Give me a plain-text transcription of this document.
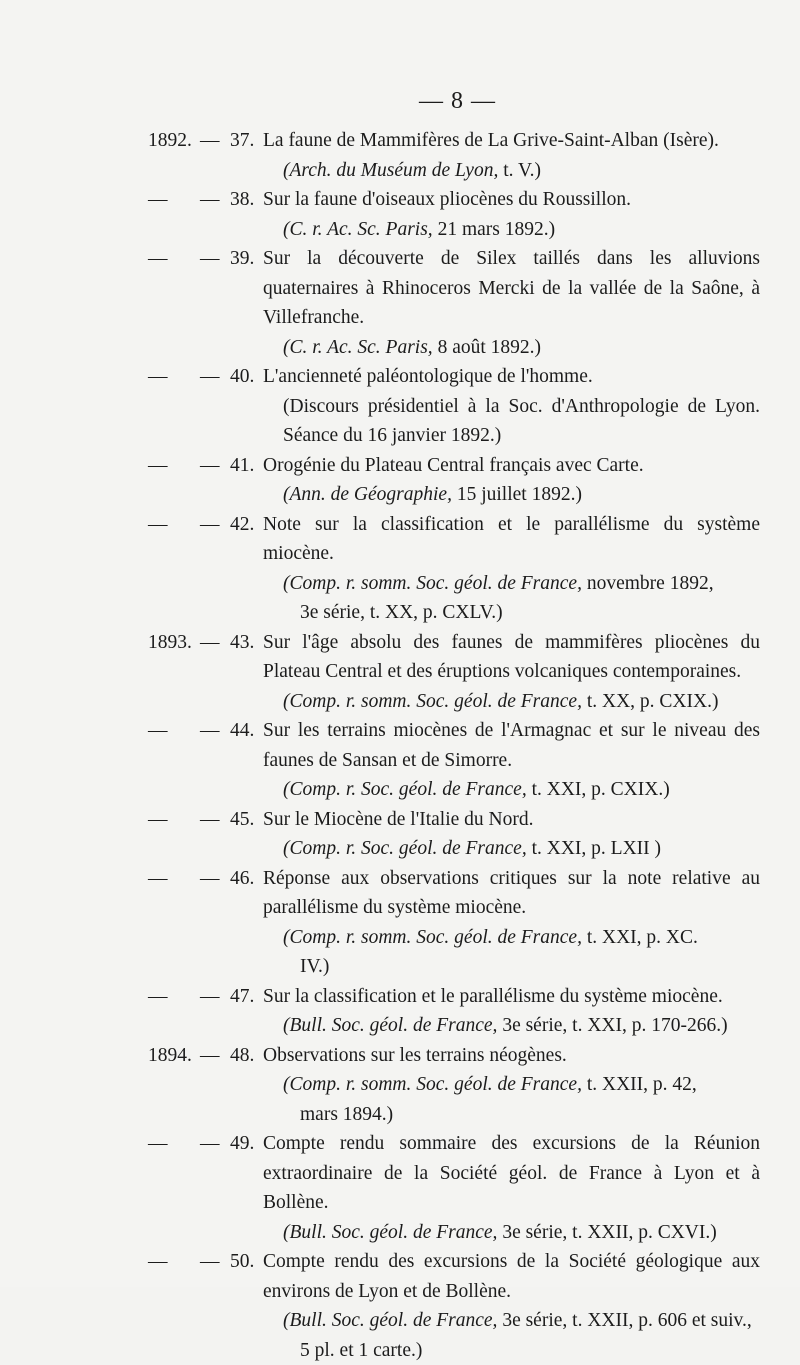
— 8 —
1892. — 37. La faune de Mammifères de La Grive-Saint-Alban (Isère).
(Arch. du Muséum de Lyon, t. V.)
— — 38. Sur la faune d'oiseaux pliocènes du Roussillon.
(C. r. Ac. Sc. Paris, 21 mars 1892.)
— — 39. Sur la découverte de Silex taillés dans les alluvions quaternaires à Rhinoceros Mercki de la vallée de la Saône, à Villefranche.
(C. r. Ac. Sc. Paris, 8 août 1892.)
— — 40. L'ancienneté paléontologique de l'homme.
(Discours présidentiel à la Soc. d'Anthropologie de Lyon. Séance du 16 janvier 1892.)
— — 41. Orogénie du Plateau Central français avec Carte.
(Ann. de Géographie, 15 juillet 1892.)
— — 42. Note sur la classification et le parallélisme du système miocène.
(Comp. r. somm. Soc. géol. de France, novembre 1892,
3e série, t. XX, p. CXLV.)
1893. — 43. Sur l'âge absolu des faunes de mammifères pliocènes du Plateau Central et des éruptions volcaniques contemporaines.
(Comp. r. somm. Soc. géol. de France, t. XX, p. CXIX.)
— — 44. Sur les terrains miocènes de l'Armagnac et sur le niveau des faunes de Sansan et de Simorre.
(Comp. r. Soc. géol. de France, t. XXI, p. CXIX.)
— — 45. Sur le Miocène de l'Italie du Nord.
(Comp. r. Soc. géol. de France, t. XXI, p. LXII )
— — 46. Réponse aux observations critiques sur la note relative au parallélisme du système miocène.
(Comp. r. somm. Soc. géol. de France, t. XXI, p. XC.
IV.)
— — 47. Sur la classification et le parallélisme du système miocène.
(Bull. Soc. géol. de France, 3e série, t. XXI, p. 170-266.)
1894. — 48. Observations sur les terrains néogènes.
(Comp. r. somm. Soc. géol. de France, t. XXII, p. 42,
mars 1894.)
— — 49. Compte rendu sommaire des excursions de la Réunion extraordinaire de la Société géol. de France à Lyon et à Bollène.
(Bull. Soc. géol. de France, 3e série, t. XXII, p. CXVI.)
— — 50. Compte rendu des excursions de la Société géologique aux environs de Lyon et de Bollène.
(Bull. Soc. géol. de France, 3e série, t. XXII, p. 606 et suiv.,
5 pl. et 1 carte.)
